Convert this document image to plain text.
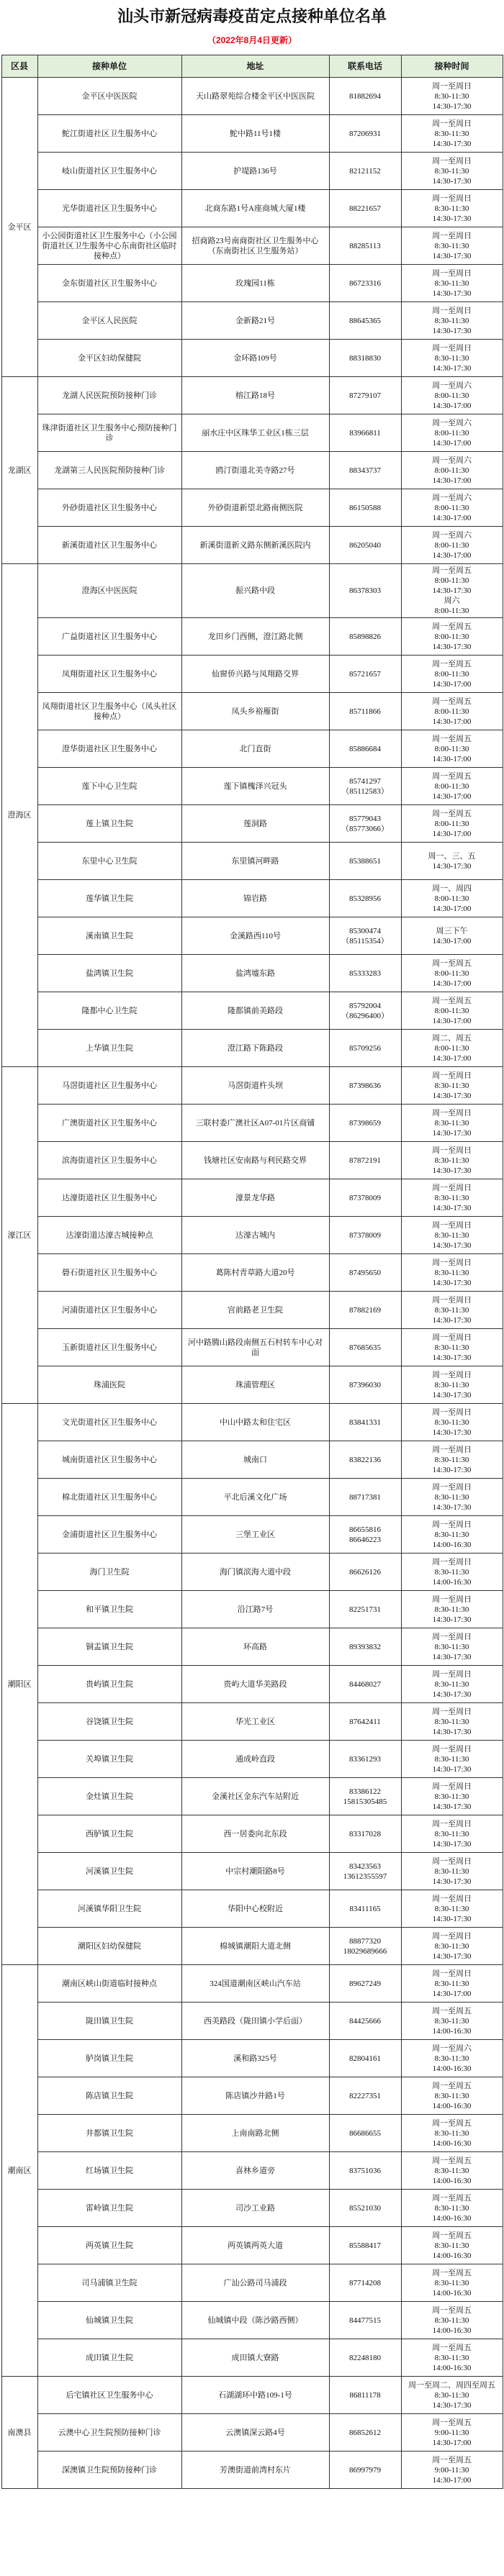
汕头市新冠病毒疫苗定点接种单位名单
（2022年8月4日更新）
区县	接种单位	地址	联系电话	接种时间
金平区	金平区中医医院	天山路翠苑综合楼金平区中医医院	81882694	周一至周日
8:30-11:30
14:30-17:30
	鮀江街道社区卫生服务中心	鮀中路11号1楼	87206931	周一至周日
8:30-11:30
14:30-17:30
	岐山街道社区卫生服务中心	护堤路136号	82121152	周一至周日
8:30-11:30
14:30-17:30
	光华街道社区卫生服务中心	北商东路1号A座商城大厦1楼	88221657	周一至周日
8:30-11:30
14:30-17:30
	小公园街道社区卫生服务中心（小公园街道社区卫生服务中心东南街社区临时接种点）	招商路23号南商街社区卫生服务中心（东南街社区卫生服务站）	88285113	周一至周日
8:30-11:30
14:30-17:30
	金东街道社区卫生服务中心	玫瑰园11栋	86723316	周一至周日
8:30-11:30
14:30-17:30
	金平区人民医院	金新路21号	88645365	周一至周日
8:30-11:30
14:30-17:30
	金平区妇幼保健院	金环路109号	88318830	周一至周日
8:30-11:30
14:30-17:30
龙湖区	龙湖人民医院预防接种门诊	榕江路18号	87279107	周一至周六
8:00-11:30
14:30-17:00
	珠津街道社区卫生服务中心预防接种门诊	丽水庄中区珠华工业区1栋三层	83966811	周一至周六
8:00-11:30
14:30-17:00
	龙湖第三人民医院预防接种门诊	鸥汀街道北美寺路27号	88343737	周一至周六
8:00-11:30
14:30-17:00
	外砂街道社区卫生服务中心	外砂街道新望北路南侧医院	86150588	周一至周六
8:00-11:30
14:30-17:00
	新溪街道社区卫生服务中心	新溪街道新义路东侧新溪医院内	86205040	周一至周六
8:00-11:30
14:30-17:00
澄海区	澄海区中医医院	振兴路中段	86378303	周一至周五
8:00-11:30
14:30-17:30
周六
8:00-11:30
	广益街道社区卫生服务中心	龙田乡门西侧，澄江路北侧	85898826	周一至周五
8:00-11:30
14:30-17:30
	凤翔街道社区卫生服务中心	仙窗侨兴路与凤翔路交界	85721657	周一至周五
8:00-11:30
14:30-17:00
	凤翔街道社区卫生服务中心（凤头社区接种点）	凤头乡裕雁街	85711866	周一至周五
8:00-11:30
14:30-17:00
	澄华街道社区卫生服务中心	北门直街	85886684	周一至周五
8:00-11:30
14:30-17:00
	莲下中心卫生院	莲下镇槐泽兴冠头	85741297
（85112583）	周一至周五
8:00-11:30
14:30-17:00
	莲上镇卫生院	莲洞路	85779043
（85773066）	周一至周五
8:00-11:30
14:30-17:00
	东里中心卫生院	东里镇河畔路	85388651	周一、三、五
14:30-17:30
	莲华镇卫生院	锦岩路	85328956	周一、周四
8:00-11:30
14:30-17:00
	溪南镇卫生院	金溪路西110号	85300474
（85115354）	周三下午
14:30-17:00
	盐鸿镇卫生院	盐鸿墟东路	85333283	周一至周五
8:00-11:30
14:30-17:00
	隆都中心卫生院	隆都镇前美路段	85792004
（86296400）	周一至周五
8:00-11:30
14:30-17:00
	上华镇卫生院	澄江路下陈路段	85709256	周二、周五
8:00-11:30
14:30-17:00
濠江区	马滘街道社区卫生服务中心	马滘街道杵头坝	87398636	周一至周日
8:30-11:30
14:30-17:30
	广澳街道社区卫生服务中心	三联村委广澳社区A07-01片区商铺	87398659	周一至周日
8:30-11:30
14:30-17:30
	滨海街道社区卫生服务中心	钱塘社区安南路与利民路交界	87872191	周一至周日
8:30-11:30
14:30-17:30
	达濠街道社区卫生服务中心	濠景龙华路	87378009	周一至周日
8:30-11:30
14:30-17:30
	达濠街道达濠古城接种点	达濠古城内	87378009	周一至周日
8:30-11:30
14:30-17:30
	礐石街道社区卫生服务中心	葛陈村青草路大道20号	87495650	周一至周日
8:30-11:30
14:30-17:30
	河浦街道社区卫生服务中心	宫前路老卫生院	87882169	周一至周日
8:30-11:30
14:30-17:30
	玉新街道社区卫生服务中心	河中路腾山路段南侧五石村转车中心对面	87685635	周一至周日
8:30-11:30
14:30-17:30
	珠浦医院	珠浦管理区	87396030	周一至周日
8:30-11:30
14:30-17:30
潮阳区	文光街道社区卫生服务中心	中山中路太和住宅区	83841331	周一至周日
8:30-11:30
14:30-17:30
	城南街道社区卫生服务中心	城南口	83822136	周一至周日
8:30-11:30
14:30-17:30
	棉北街道社区卫生服务中心	平北后溪文化广场	88717381	周一至周日
8:30-11:30
14:30-17:30
	金浦街道社区卫生服务中心	三堡工业区	86655816
86646223	周一至周日
8:30-11:30
14:00-16:30
	海门卫生院	海门镇滨海大道中段	86626126	周一至周日
8:30-11:30
14:00-16:30
	和平镇卫生院	沿江路7号	82251731	周一至周日
8:30-11:30
14:30-17:30
	铜盂镇卫生院	环高路	89393832	周一至周日
8:30-11:30
14:30-17:30
	贵屿镇卫生院	贵屿大道华美路段	84468027	周一至周日
8:30-11:30
14:30-17:30
	谷饶镇卫生院	华光工业区	87642411	周一至周日
8:30-11:30
14:30-17:30
	关埠镇卫生院	通成岭直段	83361293	周一至周日
8:30-11:30
14:30-17:30
	金灶镇卫生院	金溪社区金东汽车站附近	83386122
15815305485	周一至周日
8:30-11:30
14:30-17:30
	西胪镇卫生院	西一居委向北东段	83317028	周一至周日
8:30-11:30
14:30-17:30
	河溪镇卫生院	中宗村潮阳路8号	83423563
13612355597	周一至周日
8:30-11:30
14:30-17:30
	河溪镇华阳卫生院	华阳中心校附近	83411165	周一至周日
8:30-11:30
14:30-17:30
	潮阳区妇幼保健院	棉城镇潮阳大道北侧	88877320
18029689666	周一至周日
8:30-11:30
14:30-17:30
潮南区	潮南区峡山街道临时接种点	324国道潮南区峡山汽车站	89627249	周一至周日
8:30-11:30
14:30-17:00
	陇田镇卫生院	西美路段（陇田镇小学后面）	84425666	周一至周五
8:30-11:30
14:00-16:30
	胪岗镇卫生院	溪和路325号	82804161	周一至周六
8:30-11:30
14:00-16:30
	陈店镇卫生院	陈店镇沙井路1号	82227351	周一至周五
8:30-11:30
14:00-16:30
	井都镇卫生院	上南南路北侧	86686655	周一至周五
8:30-11:30
14:00-16:30
	红场镇卫生院	喜林乡道旁	83751036	周一至周五
8:30-11:30
14:00-16:30
	雷岭镇卫生院	司沙工业路	85521030	周一至周五
8:30-11:30
14:00-16:30
	两英镇卫生院	两英镇两英大道	85588417	周一至周五
8:30-11:30
14:00-16:30
	司马浦镇卫生院	广汕公路司马浦段	87714208	周一至周五
8:30-11:30
14:00-16:30
	仙城镇卫生院	仙城镇中段（陈沙路西侧）	84477515	周一至周五
8:30-11:30
14:00-16:30
	成田镇卫生院	成田镇大寮路	82248180	周一至周五
8:30-11:30
14:00-16:30
南澳县	后宅镇社区卫生服务中心	石湖湖环中路109-1号	86811178	周一至周二、周四至周五
8:30-11:30
14:30-17:30
	云澳中心卫生院预防接种门诊	云澳镇深云路4号	86852612	周一至周五
9:00-11:30
14:30-17:00
	深澳镇卫生院预防接种门诊	芳澳街道前湾村东片	86997979	周一至周五
9:00-11:30
14:30-17:00
